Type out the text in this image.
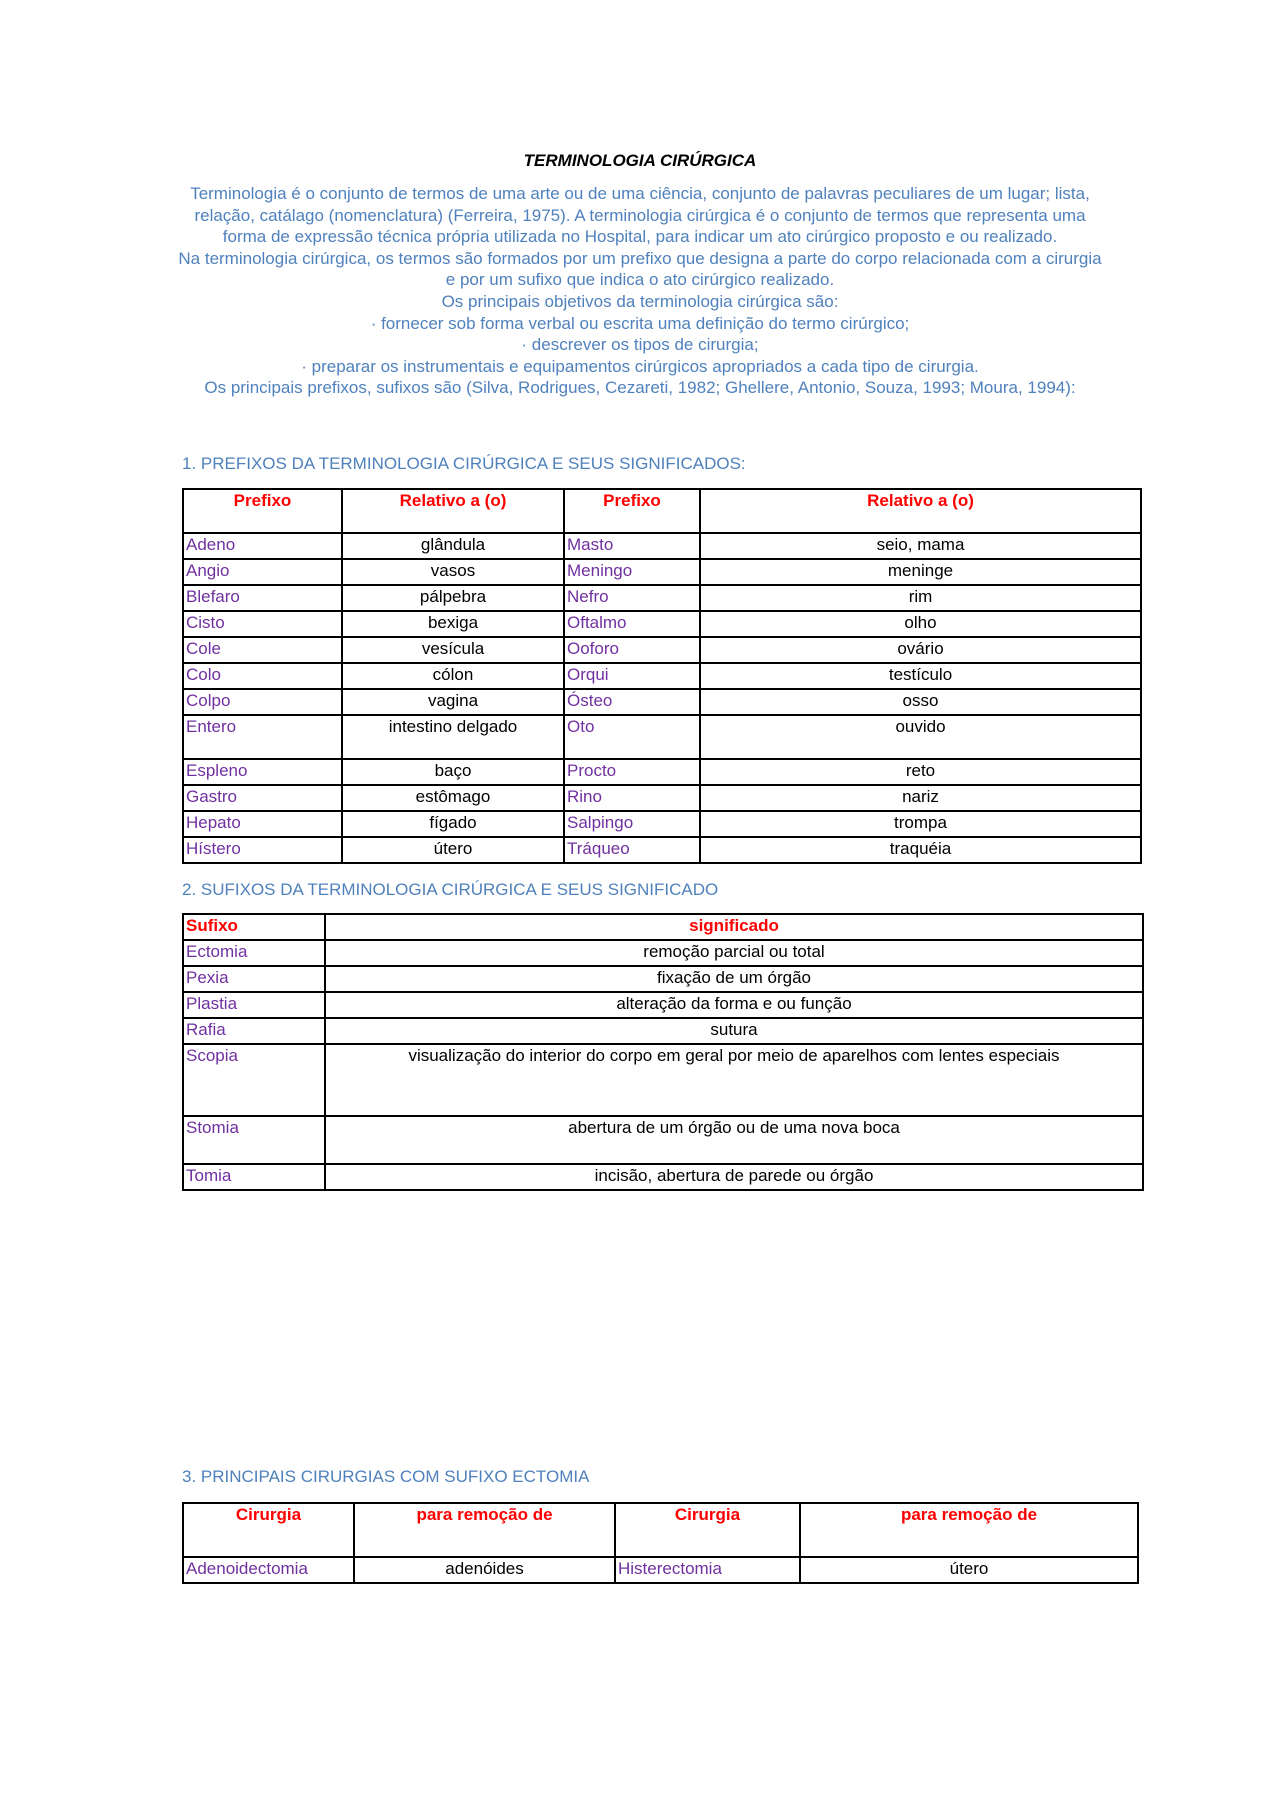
TERMINOLOGIA CIRÚRGICA

Terminologia é o conjunto de termos de uma arte ou de uma ciência, conjunto de palavras peculiares de um lugar; lista, relação, catálago (nomenclatura) (Ferreira, 1975). A terminologia cirúrgica é o conjunto de termos que representa uma forma de expressão técnica própria utilizada no Hospital, para indicar um ato cirúrgico proposto e ou realizado.

Na terminologia cirúrgica, os termos são formados por um prefixo que designa a parte do corpo relacionada com a cirurgia e por um sufixo que indica o ato cirúrgico realizado.

Os principais objetivos da terminologia cirúrgica são:

· fornecer sob forma verbal ou escrita uma definição do termo cirúrgico;

· descrever os tipos de cirurgia;

· preparar os instrumentais e equipamentos cirúrgicos apropriados a cada tipo de cirurgia.

Os principais prefixos, sufixos são (Silva, Rodrigues, Cezareti, 1982; Ghellere, Antonio, Souza, 1993; Moura, 1994):

1. PREFIXOS DA TERMINOLOGIA CIRÚRGICA E SEUS SIGNIFICADOS:
Prefixo	Relativo a (o)	Prefixo	Relativo a (o)
Adeno	glândula	Masto	seio, mama
Angio	vasos	Meningo	meninge
Blefaro	pálpebra	Nefro	rim
Cisto	bexiga	Oftalmo	olho
Cole	vesícula	Ooforo	ovário
Colo	cólon	Orqui	testículo
Colpo	vagina	Ósteo	osso
Entero	intestino delgado	Oto	ouvido
Espleno	baço	Procto	reto
Gastro	estômago	Rino	nariz
Hepato	fígado	Salpingo	trompa
Hístero	útero	Tráqueo	traquéia
2. SUFIXOS DA TERMINOLOGIA CIRÚRGICA E SEUS SIGNIFICADO
Sufixo	significado
Ectomia	remoção parcial ou total
Pexia	fixação de um órgão
Plastia	alteração da forma e ou função
Rafia	sutura
Scopia	visualização do interior do corpo em geral por meio de aparelhos com lentes especiais
Stomia	abertura de um órgão ou de uma nova boca
Tomia	incisão, abertura de parede ou órgão
3. PRINCIPAIS CIRURGIAS COM SUFIXO ECTOMIA
Cirurgia	para remoção de	Cirurgia	para remoção de
Adenoidectomia	adenóides	Histerectomia	útero
